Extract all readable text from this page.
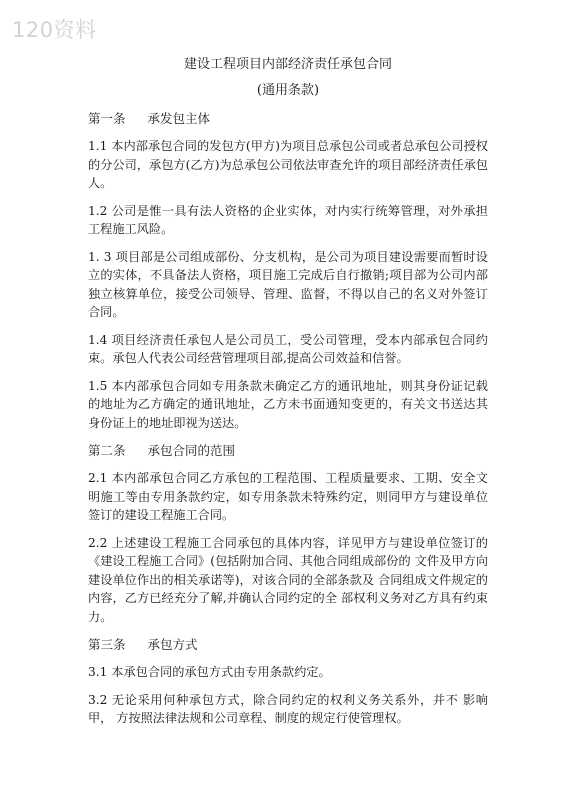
120资料

建设工程项目内部经济责任承包合同

(通用条款)

第一条 承发包主体

1.1 本内部承包合同的发包方(甲方)为项目总承包公司或者总承包公司授权的分公司，承包方(乙方)为总承包公司依法审查允许的项目部经济责任承包人。

1.2 公司是惟一具有法人资格的企业实体，对内实行统筹管理，对外承担工程施工风险。

1. 3 项目部是公司组成部份、分支机构，是公司为项目建设需要而暂时设立的实体，不具备法人资格，项目施工完成后自行撤销;项目部为公司内部独立核算单位，接受公司领导、管理、监督，不得以自己的名义对外签订合同。

1.4 项目经济责任承包人是公司员工，受公司管理，受本内部承包合同约束。承包人代表公司经营管理项目部,提高公司效益和信誉。

1.5 本内部承包合同如专用条款未确定乙方的通讯地址，则其身份证记载的地址为乙方确定的通讯地址，乙方未书面通知变更的，有关文书送达其身份证上的地址即视为送达。

第二条 承包合同的范围

2.1 本内部承包合同乙方承包的工程范围、工程质量要求、工期、安全文明施工等由专用条款约定，如专用条款未特殊约定，则同甲方与建设单位签订的建设工程施工合同。

2.2 上述建设工程施工合同承包的具体内容，详见甲方与建设单位签订的《建设工程施工合同》(包括附加合同、其他合同组成部份的 文件及甲方向建设单位作出的相关承诺等)，对该合同的全部条款及 合同组成文件规定的内容，乙方已经充分了解,并确认合同约定的全 部权利义务对乙方具有约束力。

第三条 承包方式

3.1 本承包合同的承包方式由专用条款约定。

3.2 无论采用何种承包方式，除合同约定的权利义务关系外，并不 影响甲， 方按照法律法规和公司章程、制度的规定行使管理权。
